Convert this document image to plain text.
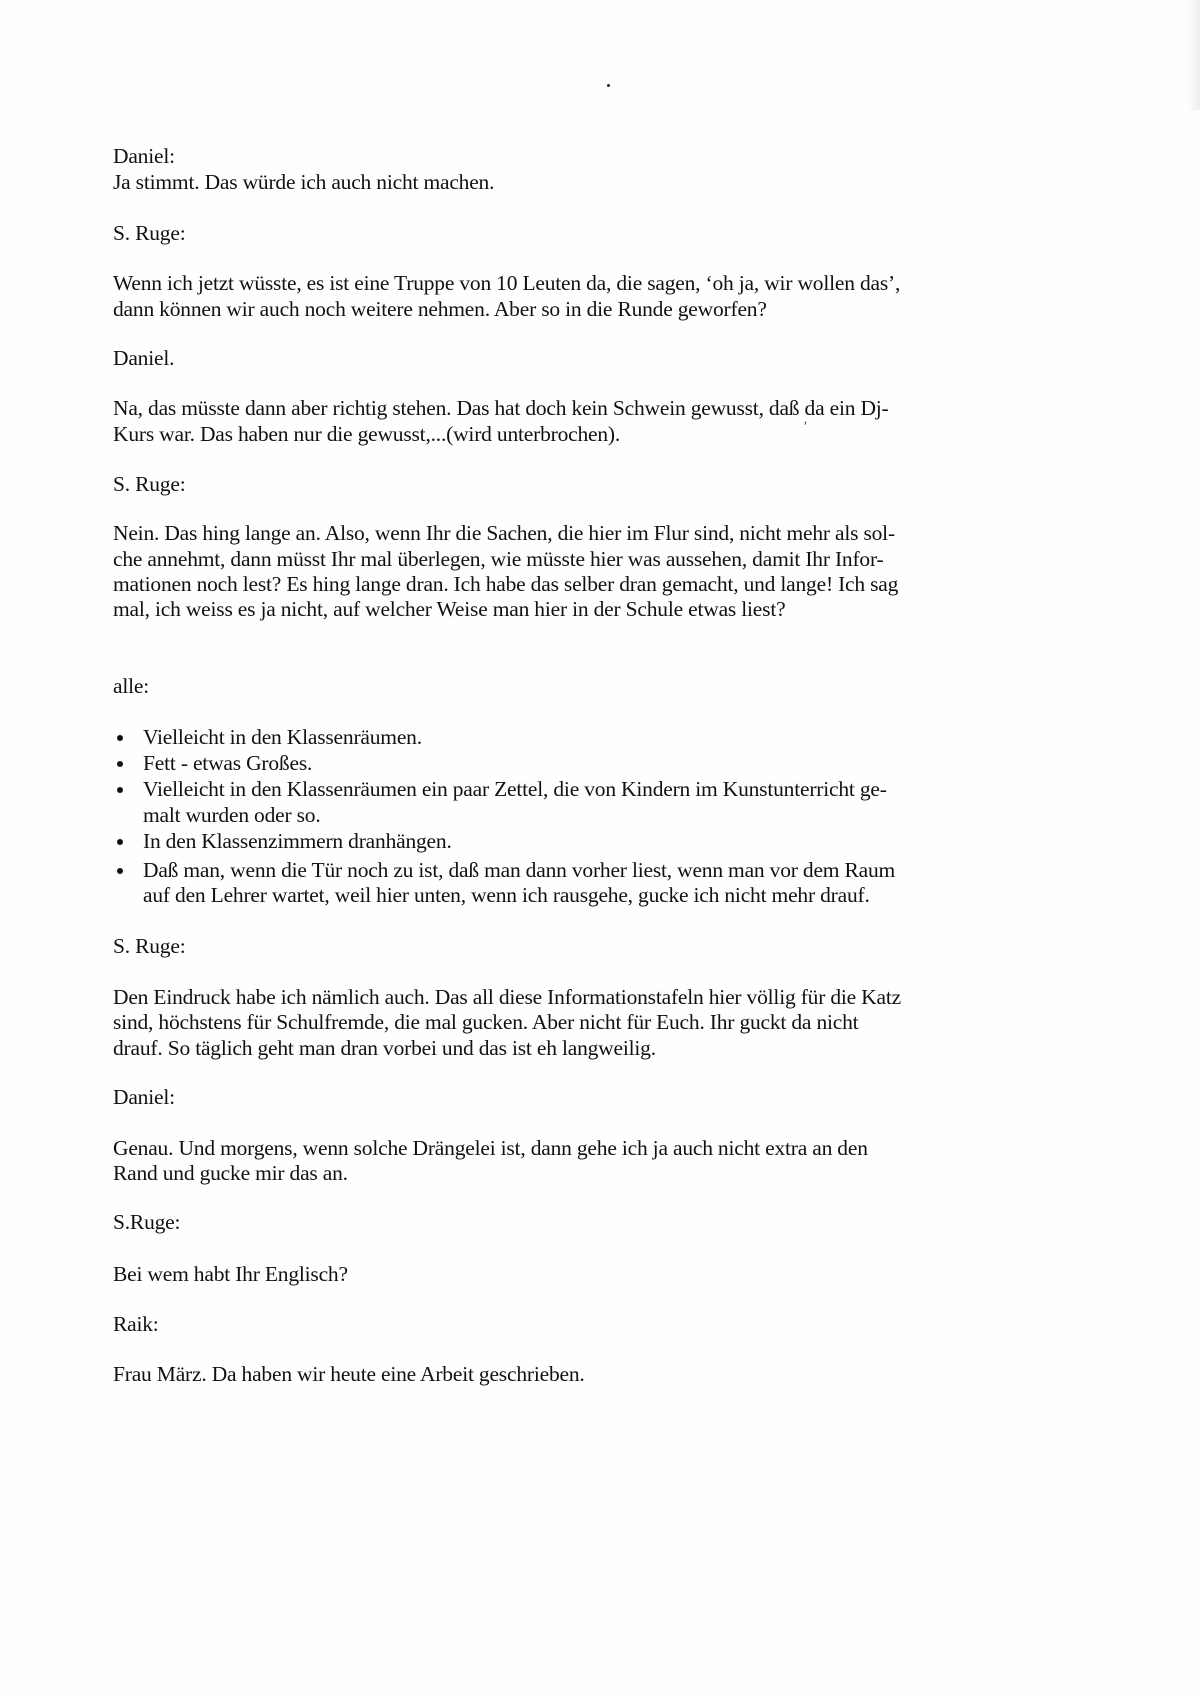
ʹ
Daniel:
Ja stimmt. Das würde ich auch nicht machen.
S. Ruge:
Wenn ich jetzt wüsste, es ist eine Truppe von 10 Leuten da, die sagen, ‘oh ja, wir wollen das’,
dann können wir auch noch weitere nehmen. Aber so in die Runde geworfen?
Daniel.
Na, das müsste dann aber richtig stehen. Das hat doch kein Schwein gewusst, daß da ein Dj-
Kurs war. Das haben nur die gewusst,...(wird unterbrochen).
S. Ruge:
Nein. Das hing lange an. Also, wenn Ihr die Sachen, die hier im Flur sind, nicht mehr als sol-
che annehmt, dann müsst Ihr mal überlegen, wie müsste hier was aussehen, damit Ihr Infor-
mationen noch lest? Es hing lange dran. Ich habe das selber dran gemacht, und lange! Ich sag
mal, ich weiss es ja nicht, auf welcher Weise man hier in der Schule etwas liest?
alle:
Vielleicht in den Klassenräumen.
Fett - etwas Großes.
Vielleicht in den Klassenräumen ein paar Zettel, die von Kindern im Kunstunterricht ge-
malt wurden oder so.
In den Klassenzimmern dranhängen.
Daß man, wenn die Tür noch zu ist, daß man dann vorher liest, wenn man vor dem Raum
auf den Lehrer wartet, weil hier unten, wenn ich rausgehe, gucke ich nicht mehr drauf.
S. Ruge:
Den Eindruck habe ich nämlich auch. Das all diese Informationstafeln hier völlig für die Katz
sind, höchstens für Schulfremde, die mal gucken. Aber nicht für Euch. Ihr guckt da nicht
drauf. So täglich geht man dran vorbei und das ist eh langweilig.
Daniel:
Genau. Und morgens, wenn solche Drängelei ist, dann gehe ich ja auch nicht extra an den
Rand und gucke mir das an.
S.Ruge:
Bei wem habt Ihr Englisch?
Raik:
Frau März. Da haben wir heute eine Arbeit geschrieben.
